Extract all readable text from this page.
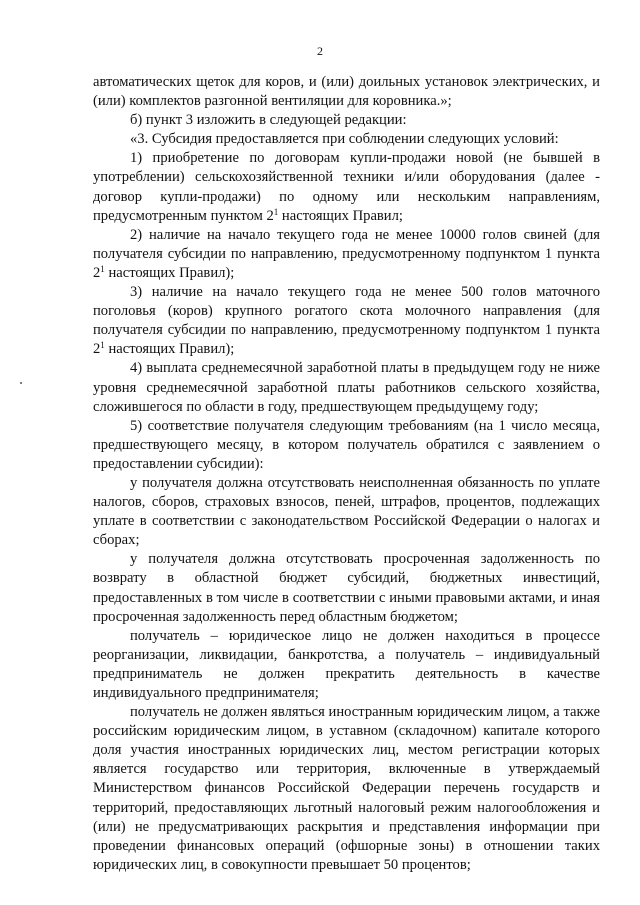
2

автоматических щеток для коров, и (или) доильных установок электрических, и (или) комплектов разгонной вентиляции для коровника.»;

б) пункт 3 изложить в следующей редакции:

«3. Субсидия предоставляется при соблюдении следующих условий:

1) приобретение по договорам купли-продажи новой (не бывшей в употреблении) сельскохозяйственной техники и/или оборудования (далее - договор купли-продажи) по одному или нескольким направлениям, предусмотренным пунктом $2^1$ настоящих Правил;

2) наличие на начало текущего года не менее 10000 голов свиней (для получателя субсидии по направлению, предусмотренному подпунктом 1 пункта $2^1$ настоящих Правил);

3) наличие на начало текущего года не менее 500 голов маточного поголовья (коров) крупного рогатого скота молочного направления (для получателя субсидии по направлению, предусмотренному подпунктом 1 пункта $2^1$ настоящих Правил);

4) выплата среднемесячной заработной платы в предыдущем году не ниже уровня среднемесячной заработной платы работников сельского хозяйства, сложившегося по области в году, предшествующем предыдущему году;

5) соответствие получателя следующим требованиям (на 1 число месяца, предшествующего месяцу, в котором получатель обратился с заявлением о предоставлении субсидии):

у получателя должна отсутствовать неисполненная обязанность по уплате налогов, сборов, страховых взносов, пеней, штрафов, процентов, подлежащих уплате в соответствии с законодательством Российской Федерации о налогах и сборах;

у получателя должна отсутствовать просроченная задолженность по возврату в областной бюджет субсидий, бюджетных инвестиций, предоставленных в том числе в соответствии с иными правовыми актами, и иная просроченная задолженность перед областным бюджетом;

получатель – юридическое лицо не должен находиться в процессе реорганизации, ликвидации, банкротства, а получатель – индивидуальный предприниматель не должен прекратить деятельность в качестве индивидуального предпринимателя;

получатель не должен являться иностранным юридическим лицом, а также российским юридическим лицом, в уставном (складочном) капитале которого доля участия иностранных юридических лиц, местом регистрации которых является государство или территория, включенные в утверждаемый Министерством финансов Российской Федерации перечень государств и территорий, предоставляющих льготный налоговый режим налогообложения и (или) не предусматривающих раскрытия и представления информации при проведении финансовых операций (офшорные зоны) в отношении таких юридических лиц, в совокупности превышает 50 процентов;
